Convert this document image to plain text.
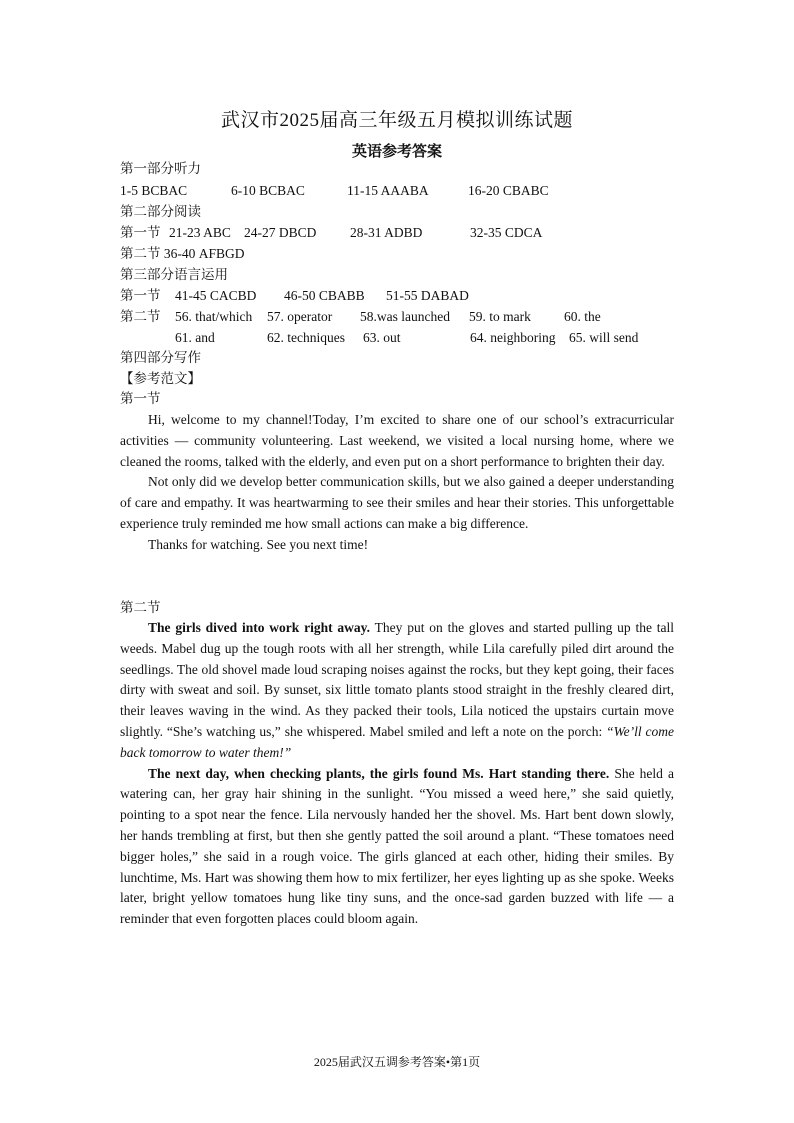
武汉市2025届高三年级五月模拟训练试题
英语参考答案
第一部分听力
1-5 BCBAC	6-10 BCBAC	11-15 AAABA	16-20 CBABC
第二部分阅读
第一节 21-23 ABC 24-27 DBCD 28-31 ADBD	32-35 CDCA
第二节 36-40 AFBGD
第三部分语言运用
第一节 41-45 CACBD 46-50 CBABB 51-55 DABAD
第二节 56. that/which 57. operator 58.was launched 59. to mark 60. the
61. and	62. techniques 63. out	64. neighboring 65. will send
第四部分写作
【参考范文】
第一节

Hi, welcome to my channel!Today, I’m excited to share one of our school’s extracurricular activities — community volunteering. Last weekend, we visited a local nursing home, where we cleaned the rooms, talked with the elderly, and even put on a short performance to brighten their day.

Not only did we develop better communication skills, but we also gained a deeper understanding of care and empathy. It was heartwarming to see their smiles and hear their stories. This unforgettable experience truly reminded me how small actions can make a big difference.

Thanks for watching. See you next time!

第二节

The girls dived into work right away. They put on the gloves and started pulling up the tall weeds. Mabel dug up the tough roots with all her strength, while Lila carefully piled dirt around the seedlings. The old shovel made loud scraping noises against the rocks, but they kept going, their faces dirty with sweat and soil. By sunset, six little tomato plants stood straight in the freshly cleared dirt, their leaves waving in the wind. As they packed their tools, Lila noticed the upstairs curtain move slightly. “She’s watching us,” she whispered. Mabel smiled and left a note on the porch: “We’ll come back tomorrow to water them!”

The next day, when checking plants, the girls found Ms. Hart standing there. She held a watering can, her gray hair shining in the sunlight. “You missed a weed here,” she said quietly, pointing to a spot near the fence. Lila nervously handed her the shovel. Ms. Hart bent down slowly, her hands trembling at first, but then she gently patted the soil around a plant. “These tomatoes need bigger holes,” she said in a rough voice. The girls glanced at each other, hiding their smiles. By lunchtime, Ms. Hart was showing them how to mix fertilizer, her eyes lighting up as she spoke. Weeks later, bright yellow tomatoes hung like tiny suns, and the once-sad garden buzzed with life — a reminder that even forgotten places could bloom again.

2025届武汉五调参考答案•第1页
